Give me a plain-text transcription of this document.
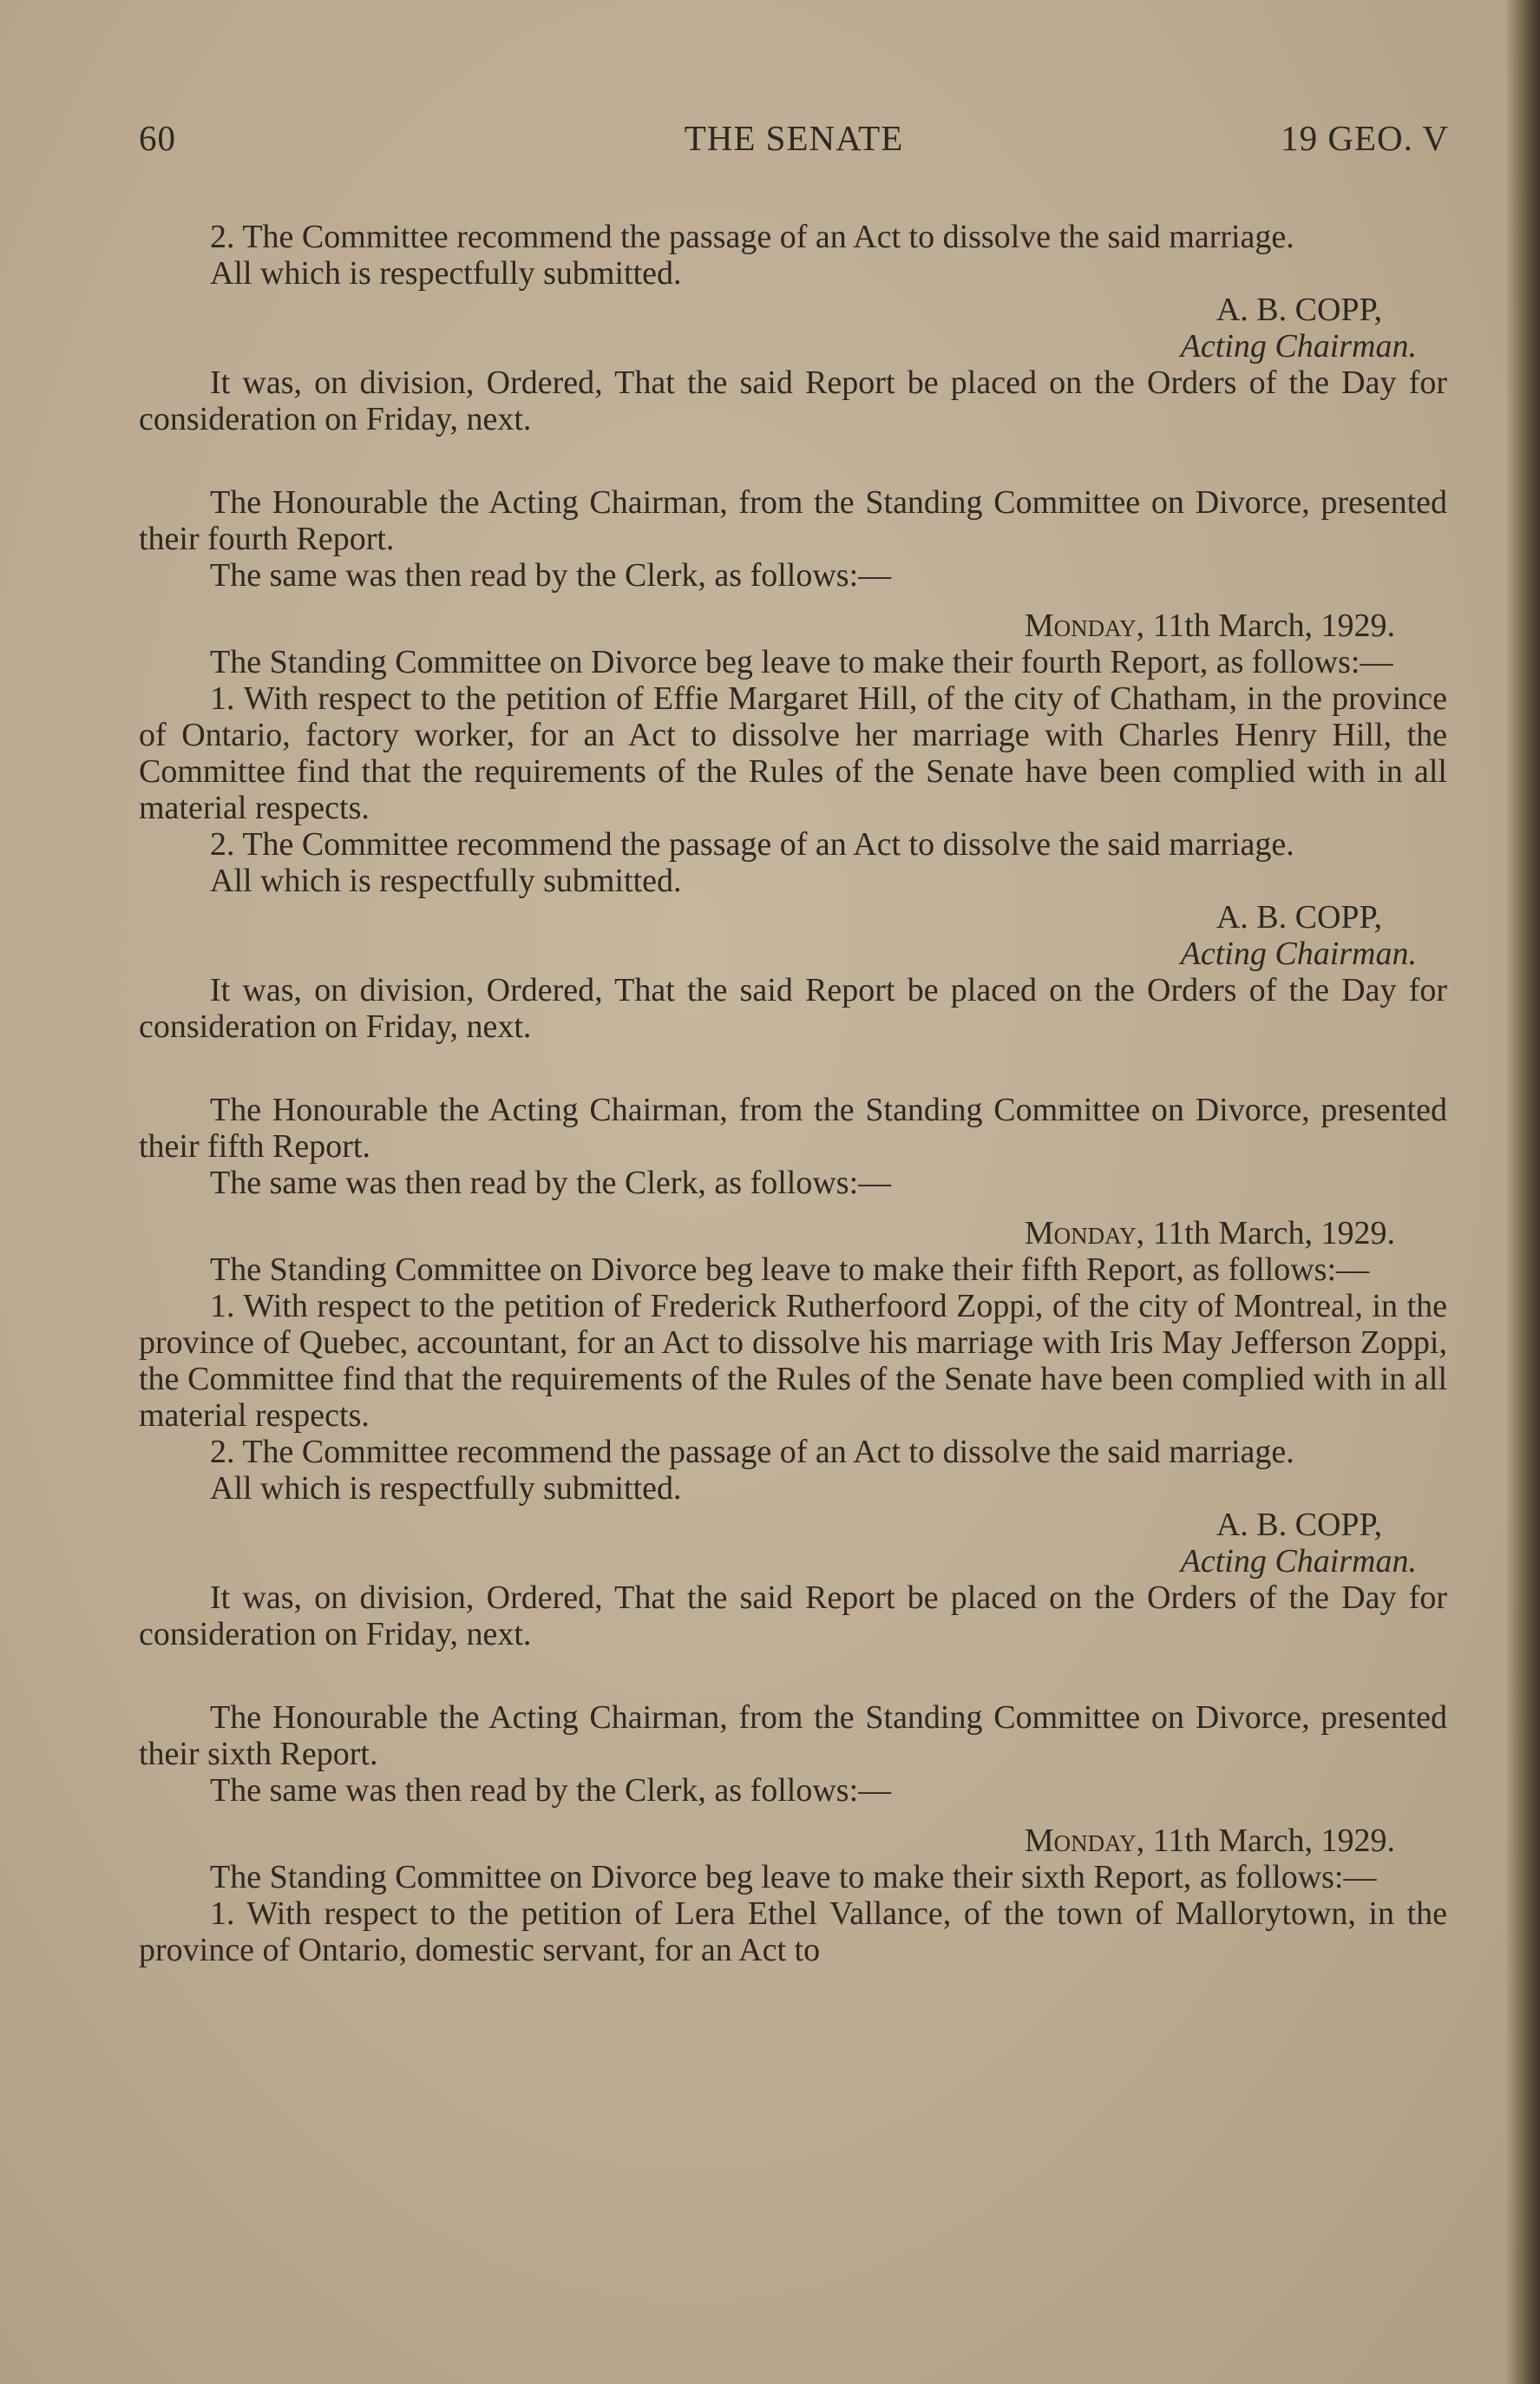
60	THE SENATE	19 GEO. V

2. The Committee recommend the passage of an Act to dissolve the said marriage.

All which is respectfully submitted.

A. B. COPP,

Acting Chairman.

It was, on division, Ordered, That the said Report be placed on the Orders of the Day for consideration on Friday, next.

The Honourable the Acting Chairman, from the Standing Committee on Divorce, presented their fourth Report.

The same was then read by the Clerk, as follows:—

Monday, 11th March, 1929.

The Standing Committee on Divorce beg leave to make their fourth Report, as follows:—

1. With respect to the petition of Effie Margaret Hill, of the city of Chatham, in the province of Ontario, factory worker, for an Act to dissolve her marriage with Charles Henry Hill, the Committee find that the requirements of the Rules of the Senate have been complied with in all material respects.

2. The Committee recommend the passage of an Act to dissolve the said marriage.

All which is respectfully submitted.

A. B. COPP,

Acting Chairman.

It was, on division, Ordered, That the said Report be placed on the Orders of the Day for consideration on Friday, next.

The Honourable the Acting Chairman, from the Standing Committee on Divorce, presented their fifth Report.

The same was then read by the Clerk, as follows:—

Monday, 11th March, 1929.

The Standing Committee on Divorce beg leave to make their fifth Report, as follows:—

1. With respect to the petition of Frederick Rutherfoord Zoppi, of the city of Montreal, in the province of Quebec, accountant, for an Act to dissolve his marriage with Iris May Jefferson Zoppi, the Committee find that the requirements of the Rules of the Senate have been complied with in all material respects.

2. The Committee recommend the passage of an Act to dissolve the said marriage.

All which is respectfully submitted.

A. B. COPP,

Acting Chairman.

It was, on division, Ordered, That the said Report be placed on the Orders of the Day for consideration on Friday, next.

The Honourable the Acting Chairman, from the Standing Committee on Divorce, presented their sixth Report.

The same was then read by the Clerk, as follows:—

Monday, 11th March, 1929.

The Standing Committee on Divorce beg leave to make their sixth Report, as follows:—

1. With respect to the petition of Lera Ethel Vallance, of the town of Mallorytown, in the province of Ontario, domestic servant, for an Act to
